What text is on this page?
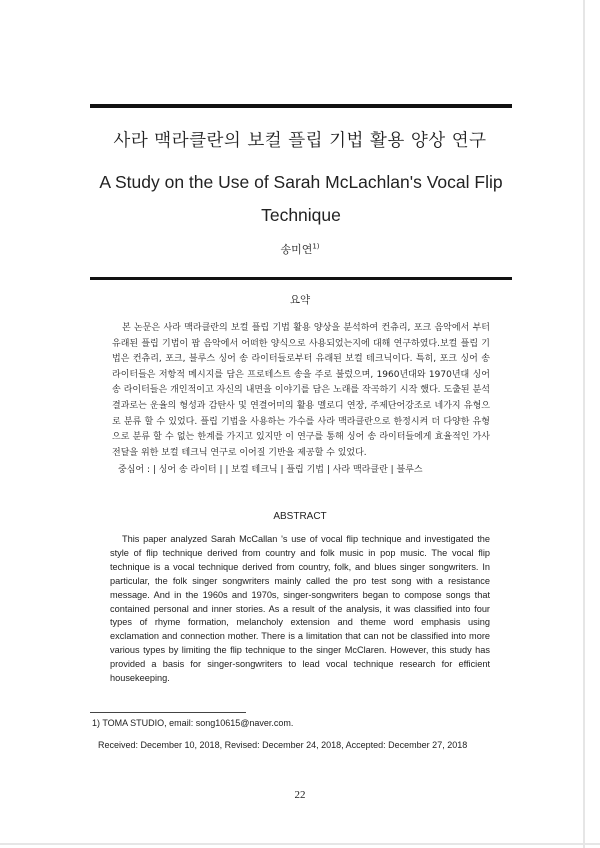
사라 맥라클란의 보컬 플립 기법 활용 양상 연구
A Study on the Use of Sarah McLachlan's Vocal Flip Technique
송미연$^{1)}$
요약
본 논문은 사라 맥라클란의 보컬 플립 기법 활용 양상을 분석하여 컨츄리, 포크 음악에서 부터 유래된 플립 기법이 팝 음악에서 어떠한 양식으로 사용되었는지에 대해 연구하였다.보컬 플립 기법은 컨츄리, 포크, 블루스 싱어 송 라이터들로부터 유래된 보컬 테크닉이다. 특히, 포크 싱어 송 라이터들은 저항적 메시지를 담은 프로테스트 송을 주로 불렀으며, 1960년대와 1970년대 싱어 송 라이터들은 개인적이고 자신의 내면을 이야기를 담은 노래를 작곡하기 시작 했다. 도출된 분석 결과로는 운율의 형성과 감탄사 및 연결어미의 활용 멜로디 연장, 주제단어강조로 네가지 유형으로 분류 할 수 있었다. 플립 기법을 사용하는 가수를 사라 맥라클란으로 한정시켜 더 다양한 유형으로 분류 할 수 없는 한계를 가지고 있지만 이 연구를 통해 싱어 송 라이터들에게 효율적인 가사 전달을 위한 보컬 테크닉 연구로 이어질 기반을 제공할 수 있었다.
중심어 : | 싱어 송 라이터 | | 보컬 테크닉 | 플립 기법 | 사라 맥라클란 | 블루스
ABSTRACT
This paper analyzed Sarah McCallan 's use of vocal flip technique and investigated the style of flip technique derived from country and folk music in pop music. The vocal flip technique is a vocal technique derived from country, folk, and blues singer songwriters. In particular, the folk singer songwriters mainly called the pro test song with a resistance message. And in the 1960s and 1970s, singer-songwriters began to compose songs that contained personal and inner stories. As a result of the analysis, it was classified into four types of rhyme formation, melancholy extension and theme word emphasis using exclamation and connection mother. There is a limitation that can not be classified into more various types by limiting the flip technique to the singer McClaren. However, this study has provided a basis for singer-songwriters to lead vocal technique research for efficient housekeeping.
1) TOMA STUDIO, email: song10615@naver.com.
Received: December 10, 2018, Revised: December 24, 2018, Accepted: December 27, 2018
22
